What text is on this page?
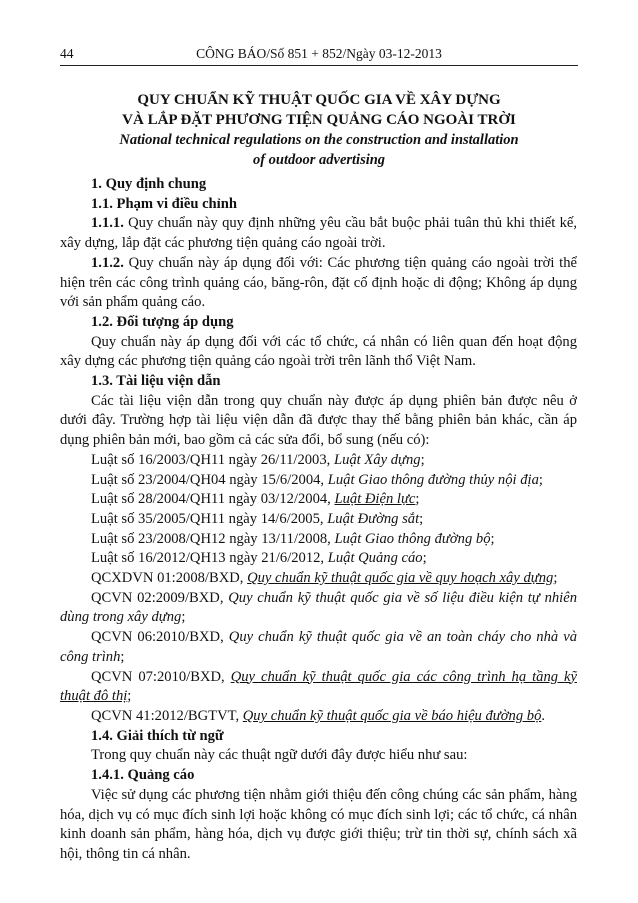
44	CÔNG BÁO/Số 851 + 852/Ngày 03-12-2013
QUY CHUẨN KỸ THUẬT QUỐC GIA VỀ XÂY DỰNG
VÀ LẮP ĐẶT PHƯƠNG TIỆN QUẢNG CÁO NGOÀI TRỜI
National technical regulations on the construction and installation
of outdoor advertising

1. Quy định chung

1.1. Phạm vi điều chỉnh

1.1.1. Quy chuẩn này quy định những yêu cầu bắt buộc phải tuân thủ khi thiết kế, xây dựng, lắp đặt các phương tiện quảng cáo ngoài trời.

1.1.2. Quy chuẩn này áp dụng đối với: Các phương tiện quảng cáo ngoài trời thể hiện trên các công trình quảng cáo, băng-rôn, đặt cố định hoặc di động; Không áp dụng với sản phẩm quảng cáo.

1.2. Đối tượng áp dụng

Quy chuẩn này áp dụng đối với các tổ chức, cá nhân có liên quan đến hoạt động xây dựng các phương tiện quảng cáo ngoài trời trên lãnh thổ Việt Nam.

1.3. Tài liệu viện dẫn

Các tài liệu viện dẫn trong quy chuẩn này được áp dụng phiên bản được nêu ở dưới đây. Trường hợp tài liệu viện dẫn đã được thay thế bằng phiên bản khác, cần áp dụng phiên bản mới, bao gồm cả các sửa đổi, bổ sung (nếu có):

Luật số 16/2003/QH11 ngày 26/11/2003, Luật Xây dựng;

Luật số 23/2004/QH04 ngày 15/6/2004, Luật Giao thông đường thủy nội địa;

Luật số 28/2004/QH11 ngày 03/12/2004, Luật Điện lực;

Luật số 35/2005/QH11 ngày 14/6/2005, Luật Đường sắt;

Luật số 23/2008/QH12 ngày 13/11/2008, Luật Giao thông đường bộ;

Luật số 16/2012/QH13 ngày 21/6/2012, Luật Quảng cáo;

QCXDVN 01:2008/BXD, Quy chuẩn kỹ thuật quốc gia về quy hoạch xây dựng;

QCVN 02:2009/BXD, Quy chuẩn kỹ thuật quốc gia về số liệu điều kiện tự nhiên dùng trong xây dựng;

QCVN 06:2010/BXD, Quy chuẩn kỹ thuật quốc gia về an toàn cháy cho nhà và công trình;

QCVN 07:2010/BXD, Quy chuẩn kỹ thuật quốc gia các công trình hạ tầng kỹ thuật đô thị;

QCVN 41:2012/BGTVT, Quy chuẩn kỹ thuật quốc gia về báo hiệu đường bộ.

1.4. Giải thích từ ngữ

Trong quy chuẩn này các thuật ngữ dưới đây được hiểu như sau:

1.4.1. Quảng cáo

Việc sử dụng các phương tiện nhằm giới thiệu đến công chúng các sản phẩm, hàng hóa, dịch vụ có mục đích sinh lợi hoặc không có mục đích sinh lợi; các tổ chức, cá nhân kinh doanh sản phẩm, hàng hóa, dịch vụ được giới thiệu; trừ tin thời sự, chính sách xã hội, thông tin cá nhân.
